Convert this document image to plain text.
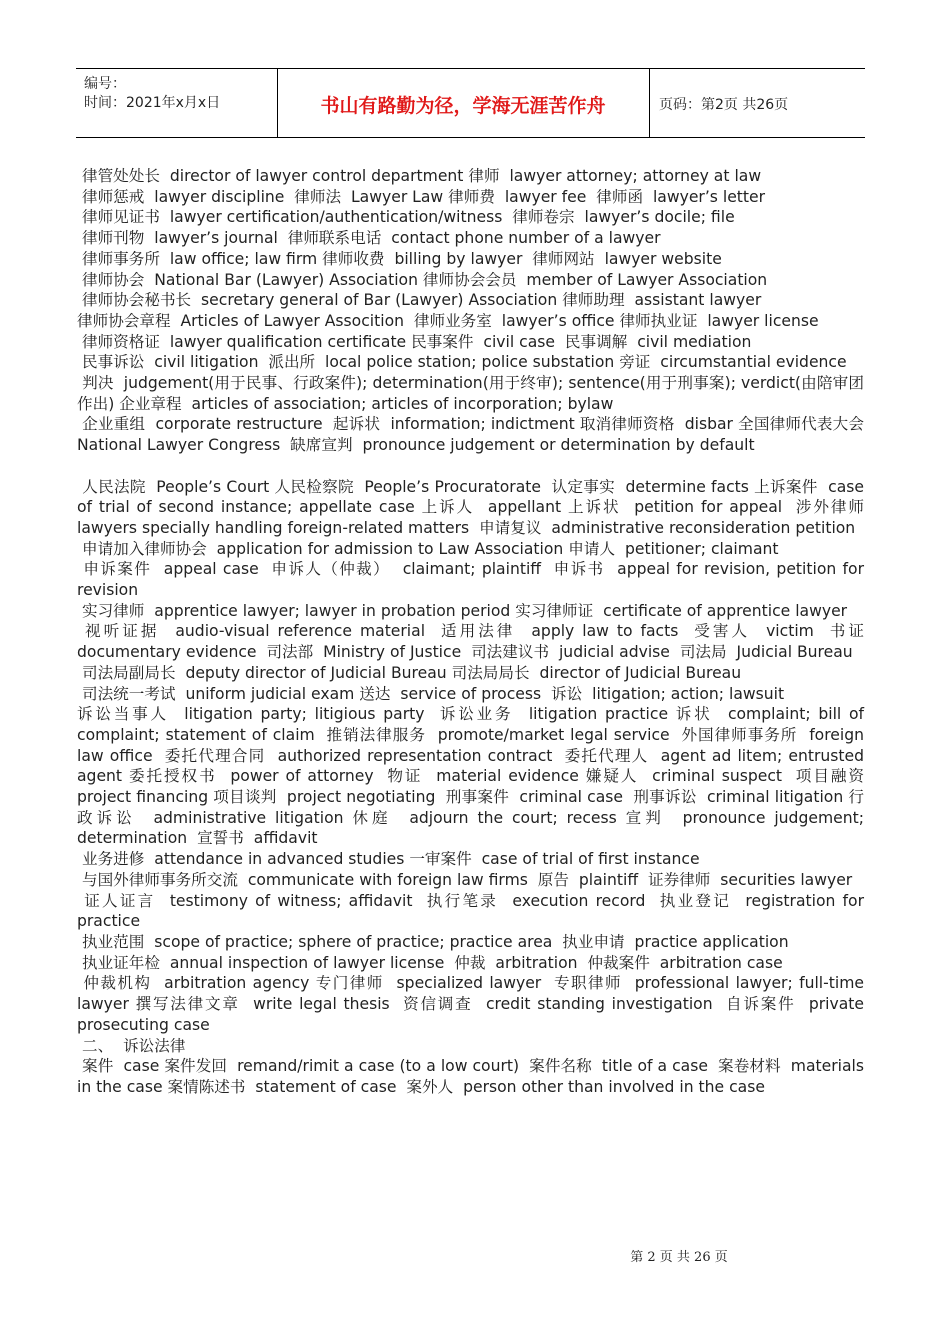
编号：
时间：2021年x月x日	书山有路勤为径，学海无涯苦作舟	页码：第2页 共26页

律管处处长  director of lawyer control department 律师  lawyer attorney; attorney at law

律师惩戒  lawyer discipline  律师法  Lawyer Law 律师费  lawyer fee  律师函  lawyer’s letter

律师见证书  lawyer certification/authentication/witness  律师卷宗  lawyer’s docile; file

律师刊物  lawyer’s journal  律师联系电话  contact phone number of a lawyer

律师事务所  law office; law firm 律师收费  billing by lawyer  律师网站  lawyer website

律师协会  National Bar (Lawyer) Association 律师协会会员  member of Lawyer Association

律师协会秘书长  secretary general of Bar (Lawyer) Association 律师助理  assistant lawyer

律师协会章程  Articles of Lawyer Assocition  律师业务室  lawyer’s office 律师执业证  lawyer license

律师资格证  lawyer qualification certificate 民事案件  civil case  民事调解  civil mediation

民事诉讼  civil litigation  派出所  local police station; police substation 旁证  circumstantial evidence

判决  judgement(用于民事、行政案件); determination(用于终审); sentence(用于刑事案); verdict(由陪审团作出) 企业章程  articles of association; articles of incorporation; bylaw

企业重组  corporate restructure  起诉状  information; indictment 取消律师资格  disbar 全国律师代表大会  National Lawyer Congress  缺席宣判  pronounce judgement or determination by default

人民法院  People’s Court 人民检察院  People’s Procuratorate  认定事实  determine facts 上诉案件  case of trial of second instance; appellate case 上诉人  appellant 上诉状  petition for appeal  涉外律师  lawyers specially handling foreign-related matters  申请复议  administrative reconsideration petition

申请加入律师协会  application for admission to Law Association 申请人  petitioner; claimant

申诉案件  appeal case  申诉人（仲裁）  claimant; plaintiff  申诉书  appeal for revision, petition for revision

实习律师  apprentice lawyer; lawyer in probation period 实习律师证  certificate of apprentice lawyer

视听证据  audio-visual reference material  适用法律  apply law to facts  受害人  victim  书证  documentary evidence  司法部  Ministry of Justice  司法建议书  judicial advise  司法局  Judicial Bureau

司法局副局长  deputy director of Judicial Bureau 司法局局长  director of Judicial Bureau

司法统一考试  uniform judicial exam 送达  service of process  诉讼  litigation; action; lawsuit

诉讼当事人  litigation party; litigious party  诉讼业务  litigation practice 诉状  complaint; bill of complaint; statement of claim  推销法律服务  promote/market legal service  外国律师事务所  foreign law office  委托代理合同  authorized representation contract  委托代理人  agent ad litem; entrusted agent 委托授权书  power of attorney  物证  material evidence 嫌疑人  criminal suspect  项目融资  project financing 项目谈判  project negotiating  刑事案件  criminal case  刑事诉讼  criminal litigation 行政诉讼  administrative litigation 休庭  adjourn the court; recess 宣判  pronounce judgement; determination  宣誓书  affidavit

业务进修  attendance in advanced studies 一审案件  case of trial of first instance

与国外律师事务所交流  communicate with foreign law firms  原告  plaintiff  证券律师  securities lawyer

证人证言  testimony of witness; affidavit  执行笔录  execution record  执业登记  registration for practice

执业范围  scope of practice; sphere of practice; practice area  执业申请  practice application

执业证年检  annual inspection of lawyer license  仲裁  arbitration  仲裁案件  arbitration case

仲裁机构  arbitration agency 专门律师  specialized lawyer  专职律师  professional lawyer; full-time lawyer 撰写法律文章  write legal thesis  资信调查  credit standing investigation  自诉案件  private prosecuting case

二、  诉讼法律

案件  case 案件发回  remand/rimit a case (to a low court)  案件名称  title of a case  案卷材料  materials in the case 案情陈述书  statement of case  案外人  person other than involved in the case

第 2 页 共 26 页
